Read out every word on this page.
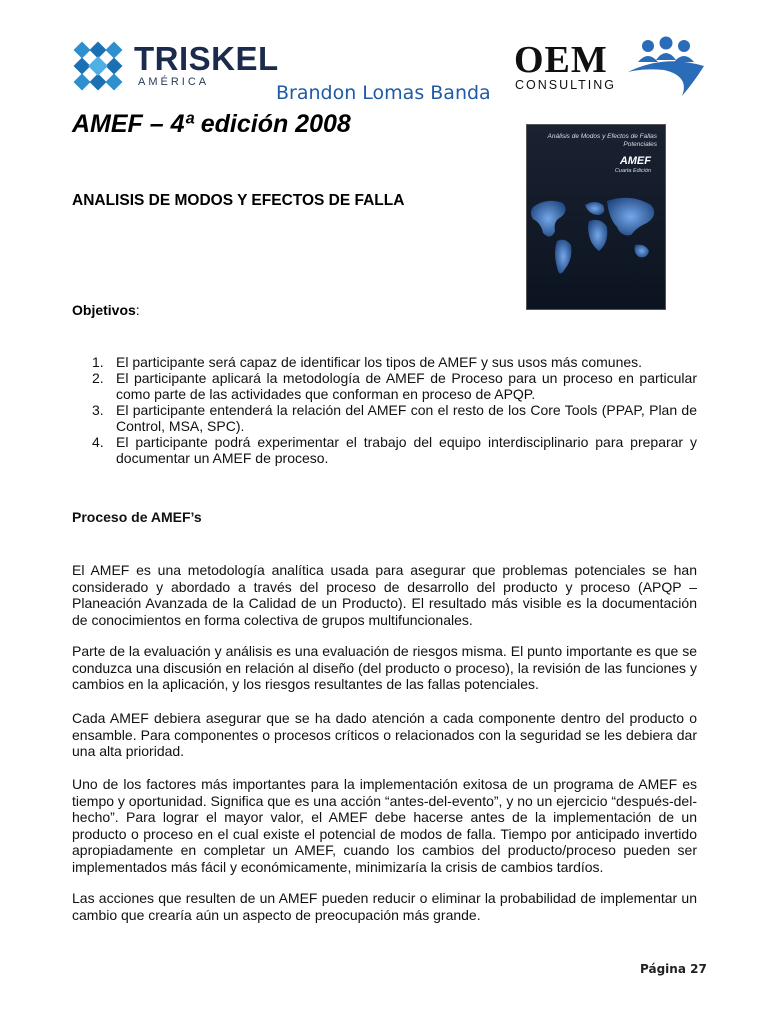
TRISKEL
AMÉRICA	Brandon Lomas Banda
OEM
CONSULTING
AMEF – 4ª edición 2008
ANALISIS DE MODOS Y EFECTOS DE FALLA
Análisis de Modos y Efectos de Fallas Potenciales
AMEF
Cuarta Edición
Objetivos:
1. El participante será capaz de identificar los tipos de AMEF y sus usos más comunes.
2. El participante aplicará la metodología de AMEF de Proceso para un proceso en particular como parte de las actividades que conforman en proceso de APQP.
3. El participante entenderá la relación del AMEF con el resto de los Core Tools (PPAP, Plan de Control, MSA, SPC).
4. El participante podrá experimentar el trabajo del equipo interdisciplinario para preparar y documentar un AMEF de proceso.
Proceso de AMEF’s

El AMEF es una metodología analítica usada para asegurar que problemas potenciales se han considerado y abordado a través del proceso de desarrollo del producto y proceso (APQP –Planeación Avanzada de la Calidad de un Producto). El resultado más visible es la documentación de conocimientos en forma colectiva de grupos multifuncionales.

Parte de la evaluación y análisis es una evaluación de riesgos misma. El punto importante es que se conduzca una discusión en relación al diseño (del producto o proceso), la revisión de las funciones y cambios en la aplicación, y los riesgos resultantes de las fallas potenciales.

Cada AMEF debiera asegurar que se ha dado atención a cada componente dentro del producto o ensamble. Para componentes o procesos críticos o relacionados con la seguridad se les debiera dar una alta prioridad.

Uno de los factores más importantes para la implementación exitosa de un programa de AMEF es tiempo y oportunidad. Significa que es una acción “antes-del-evento”, y no un ejercicio “después-del-hecho”. Para lograr el mayor valor, el AMEF debe hacerse antes de la implementación de un producto o proceso en el cual existe el potencial de modos de falla. Tiempo por anticipado invertido apropiadamente en completar un AMEF, cuando los cambios del producto/proceso pueden ser implementados más fácil y económicamente, minimizaría la crisis de cambios tardíos.

Las acciones que resulten de un AMEF pueden reducir o eliminar la probabilidad de implementar un cambio que crearía aún un aspecto de preocupación más grande.

Página 27
